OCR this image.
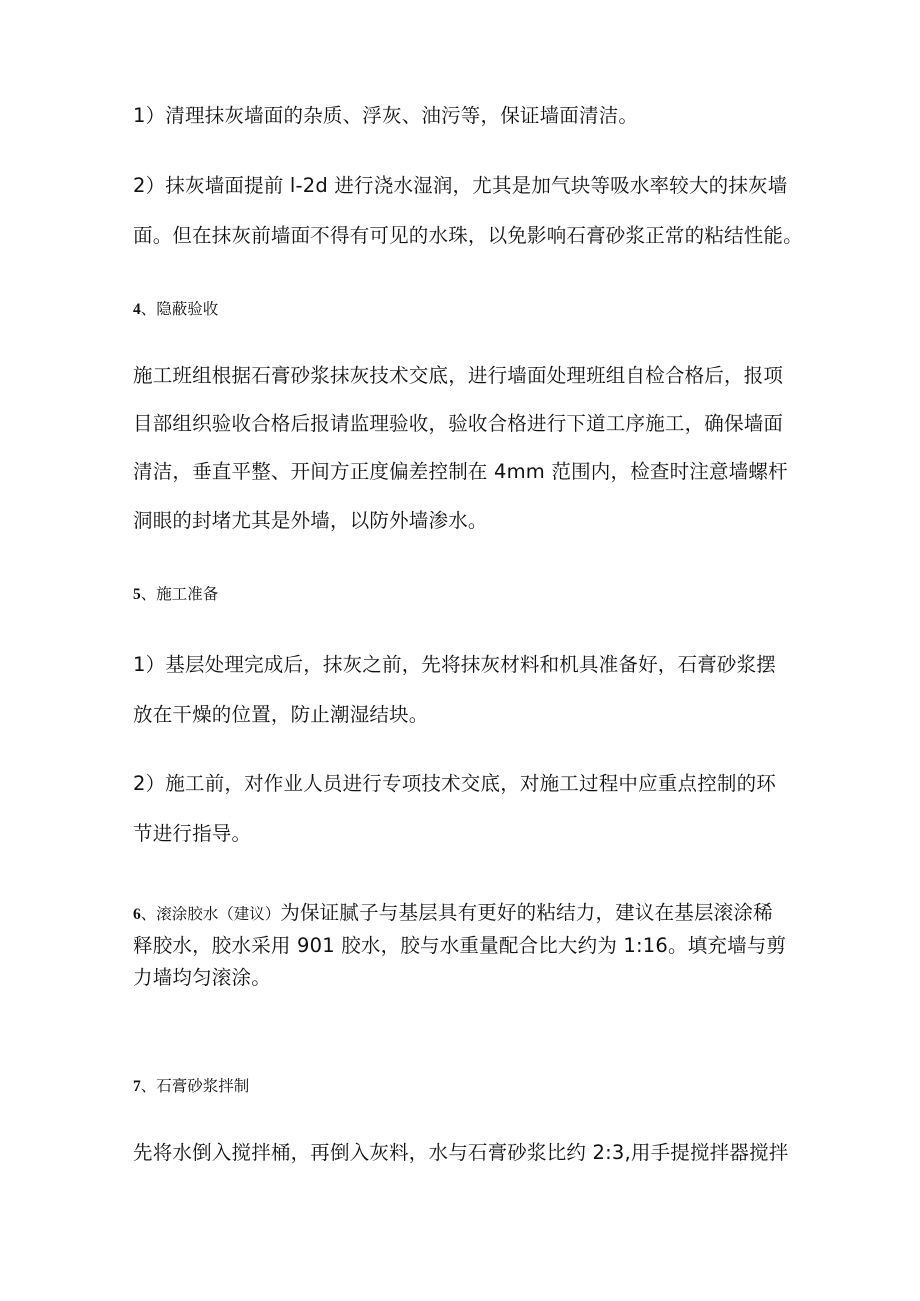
1）清理抹灰墙面的杂质、浮灰、油污等，保证墙面清洁。
2）抹灰墙面提前 l-2d 进行浇水湿润，尤其是加气块等吸水率较大的抹灰墙
面。但在抹灰前墙面不得有可见的水珠，以免影响石膏砂浆正常的粘结性能。
4、隐蔽验收
施工班组根据石膏砂浆抹灰技术交底，进行墙面处理班组自检合格后，报项
目部组织验收合格后报请监理验收，验收合格进行下道工序施工，确保墙面
清洁，垂直平整、开间方正度偏差控制在 4mm 范围内，检查时注意墙螺杆
洞眼的封堵尤其是外墙，以防外墙渗水。
5、施工准备
1）基层处理完成后，抹灰之前，先将抹灰材料和机具准备好，石膏砂浆摆
放在干燥的位置，防止潮湿结块。
2）施工前，对作业人员进行专项技术交底，对施工过程中应重点控制的环
节进行指导。
6、滚涂胶水（建议）为保证腻子与基层具有更好的粘结力，建议在基层滚涂稀
释胶水，胶水采用 901 胶水，胶与水重量配合比大约为 1:16。填充墙与剪
力墙均匀滚涂。
7、石膏砂浆拌制
先将水倒入搅拌桶，再倒入灰料，水与石膏砂浆比约 2:3,用手提搅拌器搅拌
